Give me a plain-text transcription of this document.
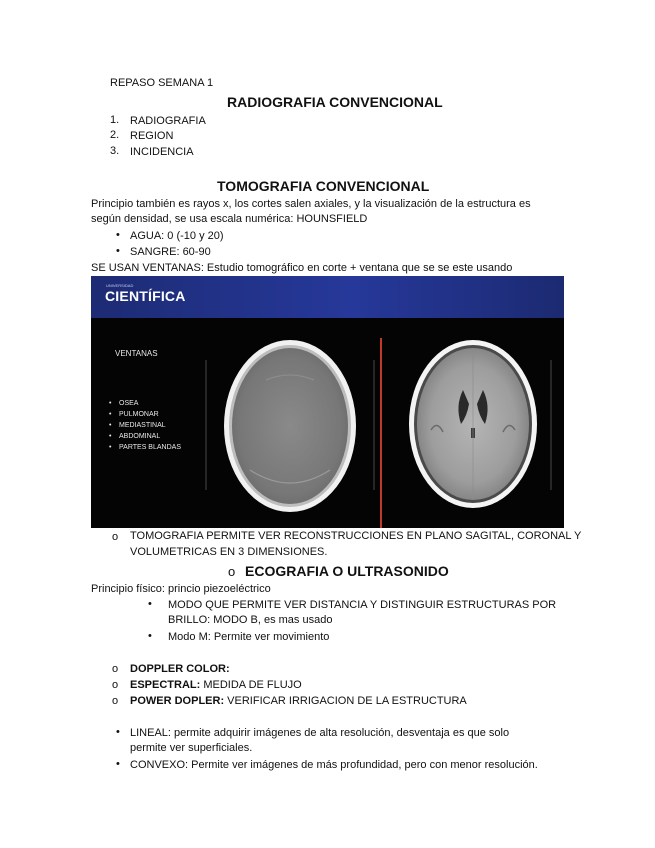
REPASO SEMANA 1
RADIOGRAFIA CONVENCIONAL
1. RADIOGRAFIA
2. REGION
3. INCIDENCIA
TOMOGRAFIA CONVENCIONAL
Principio también es rayos x, los cortes salen axiales, y la visualización de la estructura es
según densidad, se usa escala numérica: HOUNSFIELD
• AGUA: 0 (-10 y 20)
• SANGRE: 60-90
SE USAN VENTANAS: Estudio tomográfico en corte + ventana que se se este usando
UNIVERSIDAD
CIENTÍFICA
VENTANAS
• OSEA
• PULMONAR
• MEDIASTINAL
• ABDOMINAL
• PARTES BLANDAS
o TOMOGRAFIA PERMITE VER RECONSTRUCCIONES EN PLANO SAGITAL, CORONAL Y
VOLUMETRICAS EN 3 DIMENSIONES.
o ECOGRAFIA O ULTRASONIDO
Principio físico: princio piezoeléctrico
• MODO QUE PERMITE VER DISTANCIA Y DISTINGUIR ESTRUCTURAS POR
BRILLO: MODO B, es mas usado
• Modo M: Permite ver movimiento
o DOPPLER COLOR:
o ESPECTRAL: MEDIDA DE FLUJO
o POWER DOPLER: VERIFICAR IRRIGACION DE LA ESTRUCTURA
• LINEAL: permite adquirir imágenes de alta resolución, desventaja es que solo
permite ver superficiales.
• CONVEXO: Permite ver imágenes de más profundidad, pero con menor resolución.
